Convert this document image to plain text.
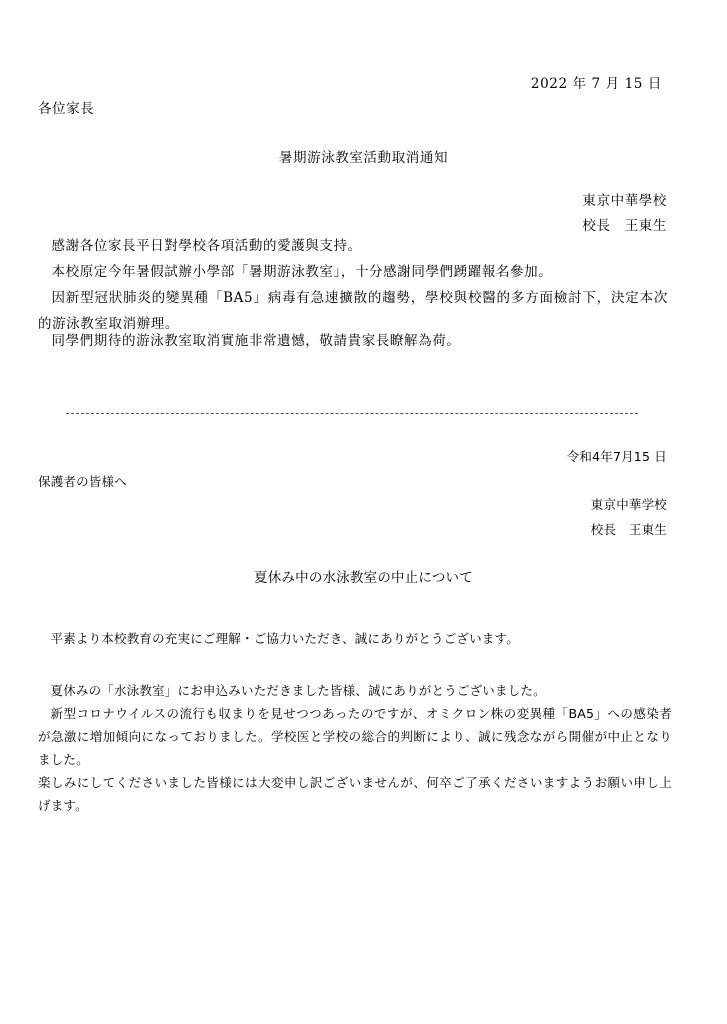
2022 年 7 月 15 日
各位家長
暑期游泳教室活動取消通知
東京中華學校
校長　王東生
感謝各位家長平日對學校各項活動的愛護與支持。
本校原定今年暑假試辦小學部「暑期游泳教室」，十分感謝同學們踴躍報名參加。
因新型冠狀肺炎的變異種「BA5」病毒有急速擴散的趨勢，學校與校醫的多方面檢討下，決定本次的游泳教室取消辦理。
同學們期待的游泳教室取消實施非常遺憾，敬請貴家長瞭解為荷。
令和4年7月15 日
保護者の皆様へ
東京中華学校
校長　王東生
夏休み中の水泳教室の中止について
平素より本校教育の充実にご理解・ご協力いただき、誠にありがとうございます。
夏休みの「水泳教室」にお申込みいただきました皆様、誠にありがとうございました。
新型コロナウイルスの流行も収まりを見せつつあったのですが、オミクロン株の変異種「BA5」への感染者が急激に増加傾向になっておりました。学校医と学校の総合的判断により、誠に残念ながら開催が中止となりました。
楽しみにしてくださいました皆様には大変申し訳ございませんが、何卒ご了承くださいますようお願い申し上げます。
